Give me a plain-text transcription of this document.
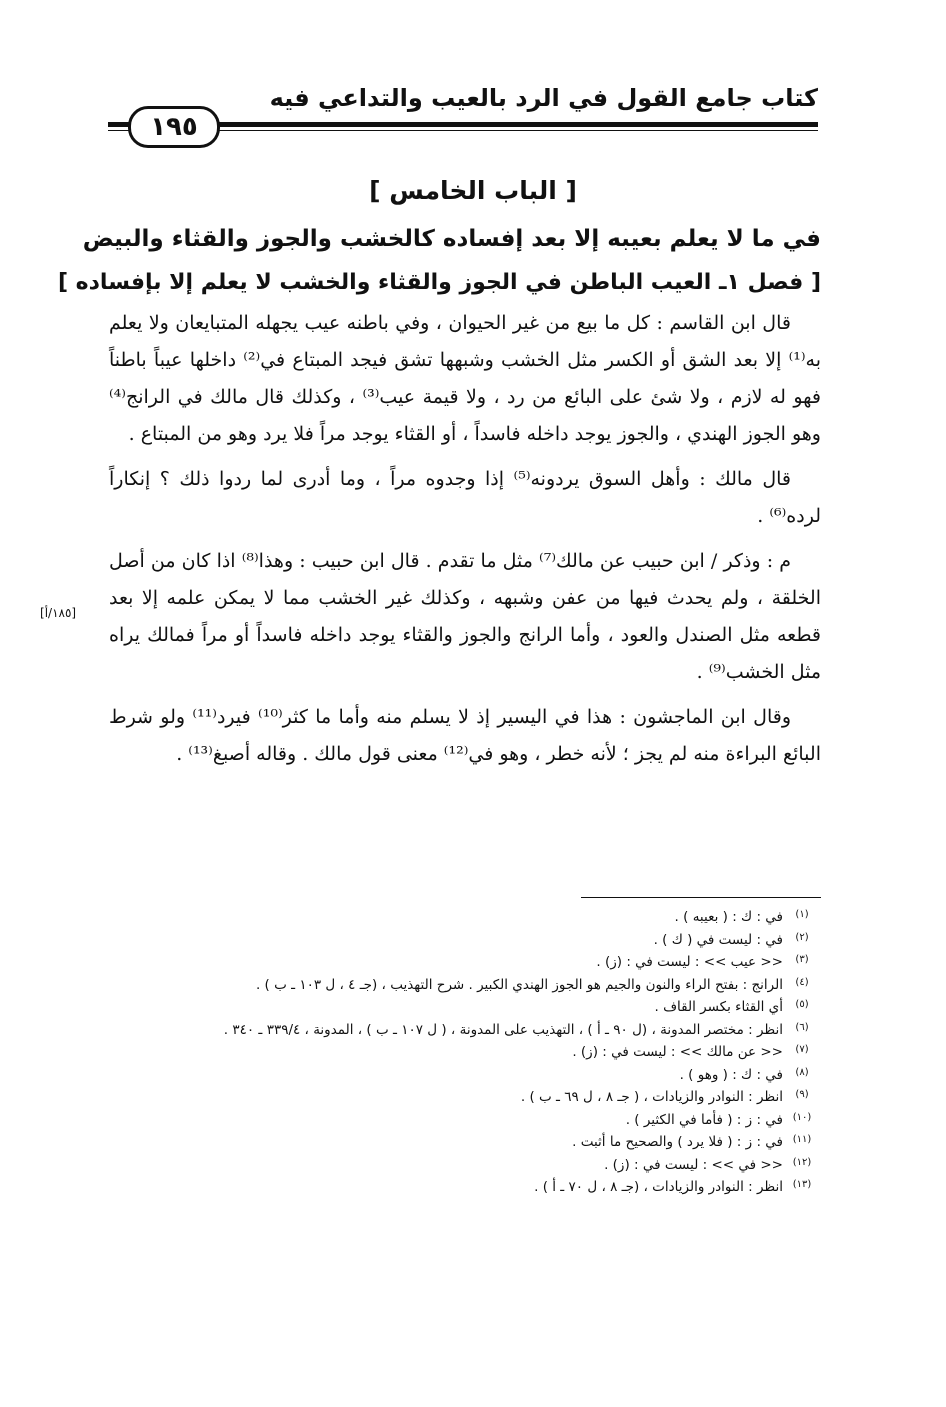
كتاب جامع القول في الرد بالعيب والتداعي فيه
١٩٥
[ الباب الخامس ]
في ما لا يعلم بعيبه إلا بعد إفساده كالخشب والجوز والقثاء والبيض
[ فصل ١ـ العيب الباطن في الجوز والقثاء والخشب لا يعلم إلا بإفساده ]

قال ابن القاسم : كل ما بيع من غير الحيوان ، وفي باطنه عيب يجهله المتبايعان ولا يعلم به⁽¹⁾ إلا بعد الشق أو الكسر مثل الخشب وشبهها تشق فيجد المبتاع في⁽²⁾ داخلها عيباً باطناً فهو له لازم ، ولا شئ على البائع من رد ، ولا قيمة عيب⁽³⁾ ، وكذلك قال مالك في الرانج⁽⁴⁾ وهو الجوز الهندي ، والجوز يوجد داخله فاسداً ، أو القثاء يوجد مراً فلا يرد وهو من المبتاع .

قال مالك : وأهل السوق يردونه⁽⁵⁾ إذا وجدوه مراً ، وما أدرى لما ردوا ذلك ؟ إنكاراً لرده⁽⁶⁾ .

م : وذكر / ابن حبيب عن مالك⁽⁷⁾ مثل ما تقدم . قال ابن حبيب : وهذا⁽⁸⁾ اذا كان من أصل الخلقة ، ولم يحدث فيها من عفن وشبهه ، وكذلك غير الخشب مما لا يمكن علمه إلا بعد قطعه مثل الصندل والعود ، وأما الرانج والجوز والقثاء يوجد داخله فاسداً أو مراً فمالك يراه مثل الخشب⁽⁹⁾ .

وقال ابن الماجشون : هذا في اليسير إذ لا يسلم منه وأما ما كثر⁽¹⁰⁾ فيرد⁽¹¹⁾ ولو شرط البائع البراءة منه لم يجز ؛ لأنه خطر ، وهو في⁽¹²⁾ معنى قول مالك . وقاله أصبغ⁽¹³⁾ .

[١٨٥/أ]
(١)
في : ك : ( بعيبه ) .
(٢)
في : ليست في ( ك ) .
(٣)
<< عيب >> : ليست في : (ز) .
(٤)
الرانج : بفتح الراء والنون والجيم هو الجوز الهندي الكبير . شرح التهذيب ، (جـ ٤ ، ل ١٠٣ ـ ب ) .
(٥)
أي القثاء بكسر القاف .
(٦)
انظر : مختصر المدونة ، (ل ٩٠ ـ أ ) ، التهذيب على المدونة ، ( ل ١٠٧ ـ ب ) ، المدونة ، ٣٣٩/٤ ـ ٣٤٠ .
(٧)
<< عن مالك >> : ليست في : (ز) .
(٨)
في : ك : ( وهو ) .
(٩)
انظر : النوادر والزيادات ، ( جـ ٨ ، ل ٦٩ ـ ب ) .
(١٠)
في : ز : ( فأما في الكثير ) .
(١١)
في : ز : ( فلا يرد ) والصحيح ما أثبت .
(١٢)
<< في >> : ليست في : (ز) .
(١٣)
انظر : النوادر والزيادات ، (جـ ٨ ، ل ٧٠ ـ أ ) .
